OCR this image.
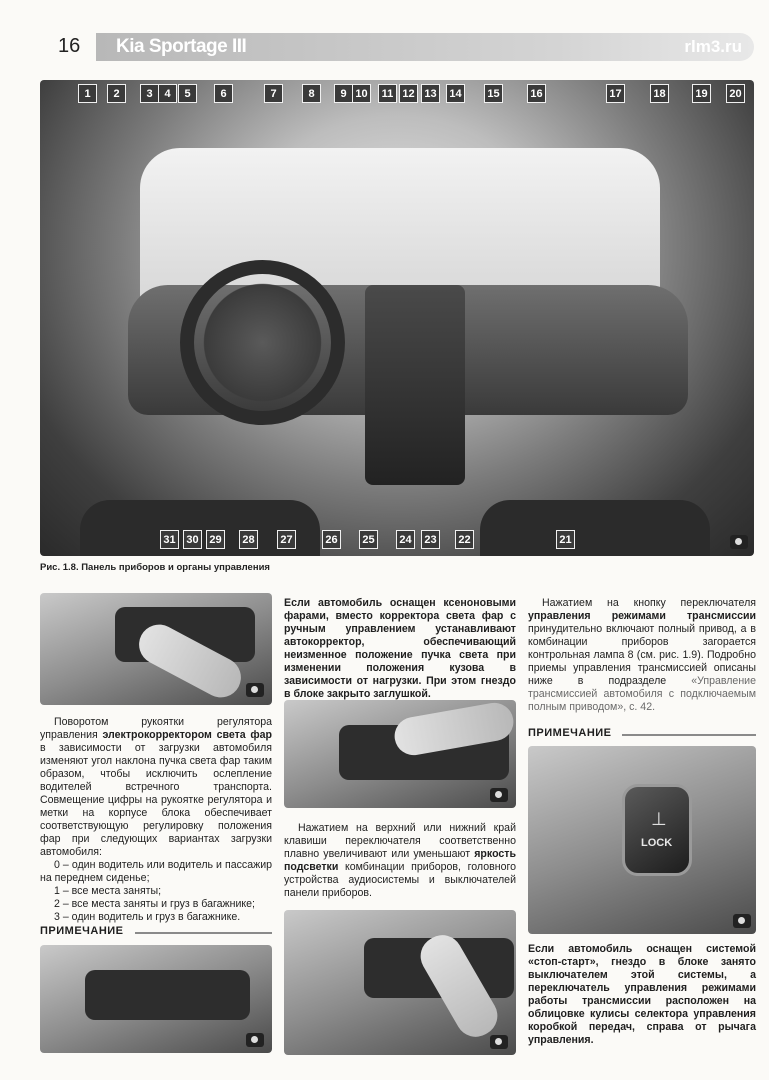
16 Kia Sportage III	rlm3.ru
1	2	3	4	5	6	7	8	9 10	11 12 13	14	15	16	17	18	19	20
31 30 29	28	27	26	25	24	23	22	21
Рис. 1.8. Панель приборов и органы управления

Поворотом рукоятки регулятора управления электрокорректором света фар в зависимости от загрузки автомобиля изменяют угол наклона пучка света фар таким образом, чтобы исключить ослепление водителей встречного транспорта. Совмещение цифры на рукоятке регулятора и метки на корпусе блока обеспечивает соответствующую регулировку положения фар при следующих вариантах загрузки автомобиля:

0 – один водитель или водитель и пассажир на переднем сиденье;

1 – все места заняты;

2 – все места заняты и груз в багажнике;

3 – один водитель и груз в багажнике.

ПРИМЕЧАНИЕ

Если автомобиль оснащен ксеноновыми фарами, вместо корректора света фар с ручным управлением устанавливают автокорректор, обеспечивающий неизменное положение пучка света при изменении положения кузова в зависимости от нагрузки. При этом гнездо в блоке закрыто заглушкой.

Нажатием на верхний или нижний край клавиши переключателя соответственно плавно увеличивают или уменьшают яркость подсветки комбинации приборов, головного устройства аудиосистемы и выключателей панели приборов.

Нажатием на кнопку переключателя управления режимами трансмиссии принудительно включают полный привод, а в комбинации приборов загорается контрольная лампа 8 (см. рис. 1.9). Подробно приемы управления трансмиссией описаны ниже в подразделе «Управление трансмиссией автомобиля с подключаемым полным приводом», с. 42.

ПРИМЕЧАНИЕ
⊥
LOCK

Если автомобиль оснащен системой «стоп-старт», гнездо в блоке занято выключателем этой системы, а переключатель управления режимами работы трансмиссии расположен на облицовке кулисы селектора управления коробкой передач, справа от рычага управления.
